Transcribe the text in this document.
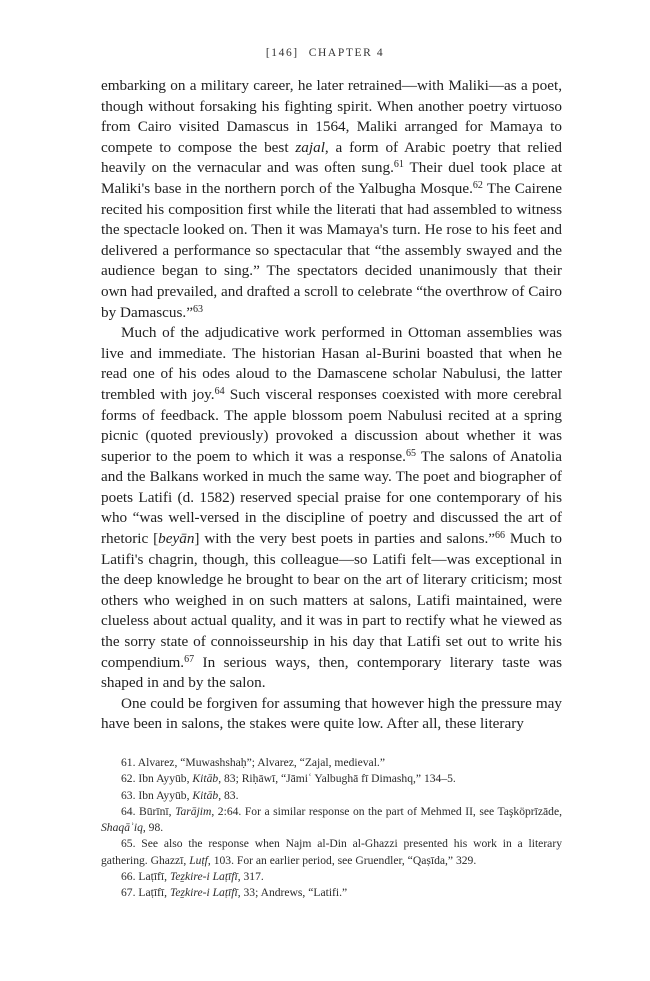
[146] CHAPTER 4

embarking on a military career, he later retrained—with Maliki—as a poet, though without forsaking his fighting spirit. When another poetry virtuoso from Cairo visited Damascus in 1564, Maliki arranged for Mamaya to compete to compose the best zajal, a form of Arabic poetry that relied heavily on the vernacular and was often sung.$^{61}$ Their duel took place at Maliki's base in the northern porch of the Yalbugha Mosque.$^{62}$ The Cairene recited his composition first while the literati that had assembled to witness the spectacle looked on. Then it was Mamaya's turn. He rose to his feet and delivered a performance so spectacular that “the assembly swayed and the audience began to sing.” The spectators decided unanimously that their own had prevailed, and drafted a scroll to celebrate “the overthrow of Cairo by Damascus.”$^{63}$

Much of the adjudicative work performed in Ottoman assemblies was live and immediate. The historian Hasan al-Burini boasted that when he read one of his odes aloud to the Damascene scholar Nabulusi, the latter trembled with joy.$^{64}$ Such visceral responses coexisted with more cerebral forms of feedback. The apple blossom poem Nabulusi recited at a spring picnic (quoted previously) provoked a discussion about whether it was superior to the poem to which it was a response.$^{65}$ The salons of Anatolia and the Balkans worked in much the same way. The poet and biographer of poets Latifi (d. 1582) reserved special praise for one contemporary of his who “was well-versed in the discipline of poetry and discussed the art of rhetoric [beyān] with the very best poets in parties and salons.”$^{66}$ Much to Latifi's chagrin, though, this colleague—so Latifi felt—was exceptional in the deep knowledge he brought to bear on the art of literary criticism; most others who weighed in on such matters at salons, Latifi maintained, were clueless about actual quality, and it was in part to rectify what he viewed as the sorry state of connoisseurship in his day that Latifi set out to write his compendium.$^{67}$ In serious ways, then, contemporary literary taste was shaped in and by the salon.

One could be forgiven for assuming that however high the pressure may have been in salons, the stakes were quite low. After all, these literary

61. Alvarez, “Muwashshaḥ”; Alvarez, “Zajal, medieval.”

62. Ibn Ayyūb, Kitāb, 83; Riḥāwī, “Jāmiʿ Yalbughā fī Dimashq,” 134–5.

63. Ibn Ayyūb, Kitāb, 83.

64. Būrīnī, Tarājim, 2:64. For a similar response on the part of Mehmed II, see Taşköprīzāde, Shaqāʾiq, 98.

65. See also the response when Najm al-Din al-Ghazzi presented his work in a literary gathering. Ghazzī, Luṭf, 103. For an earlier period, see Gruendler, “Qaṣīda,” 329.

66. Laṭīfī, Teẕkire-i Laṭīfī, 317.

67. Laṭīfī, Teẕkire-i Laṭīfī, 33; Andrews, “Latifi.”
